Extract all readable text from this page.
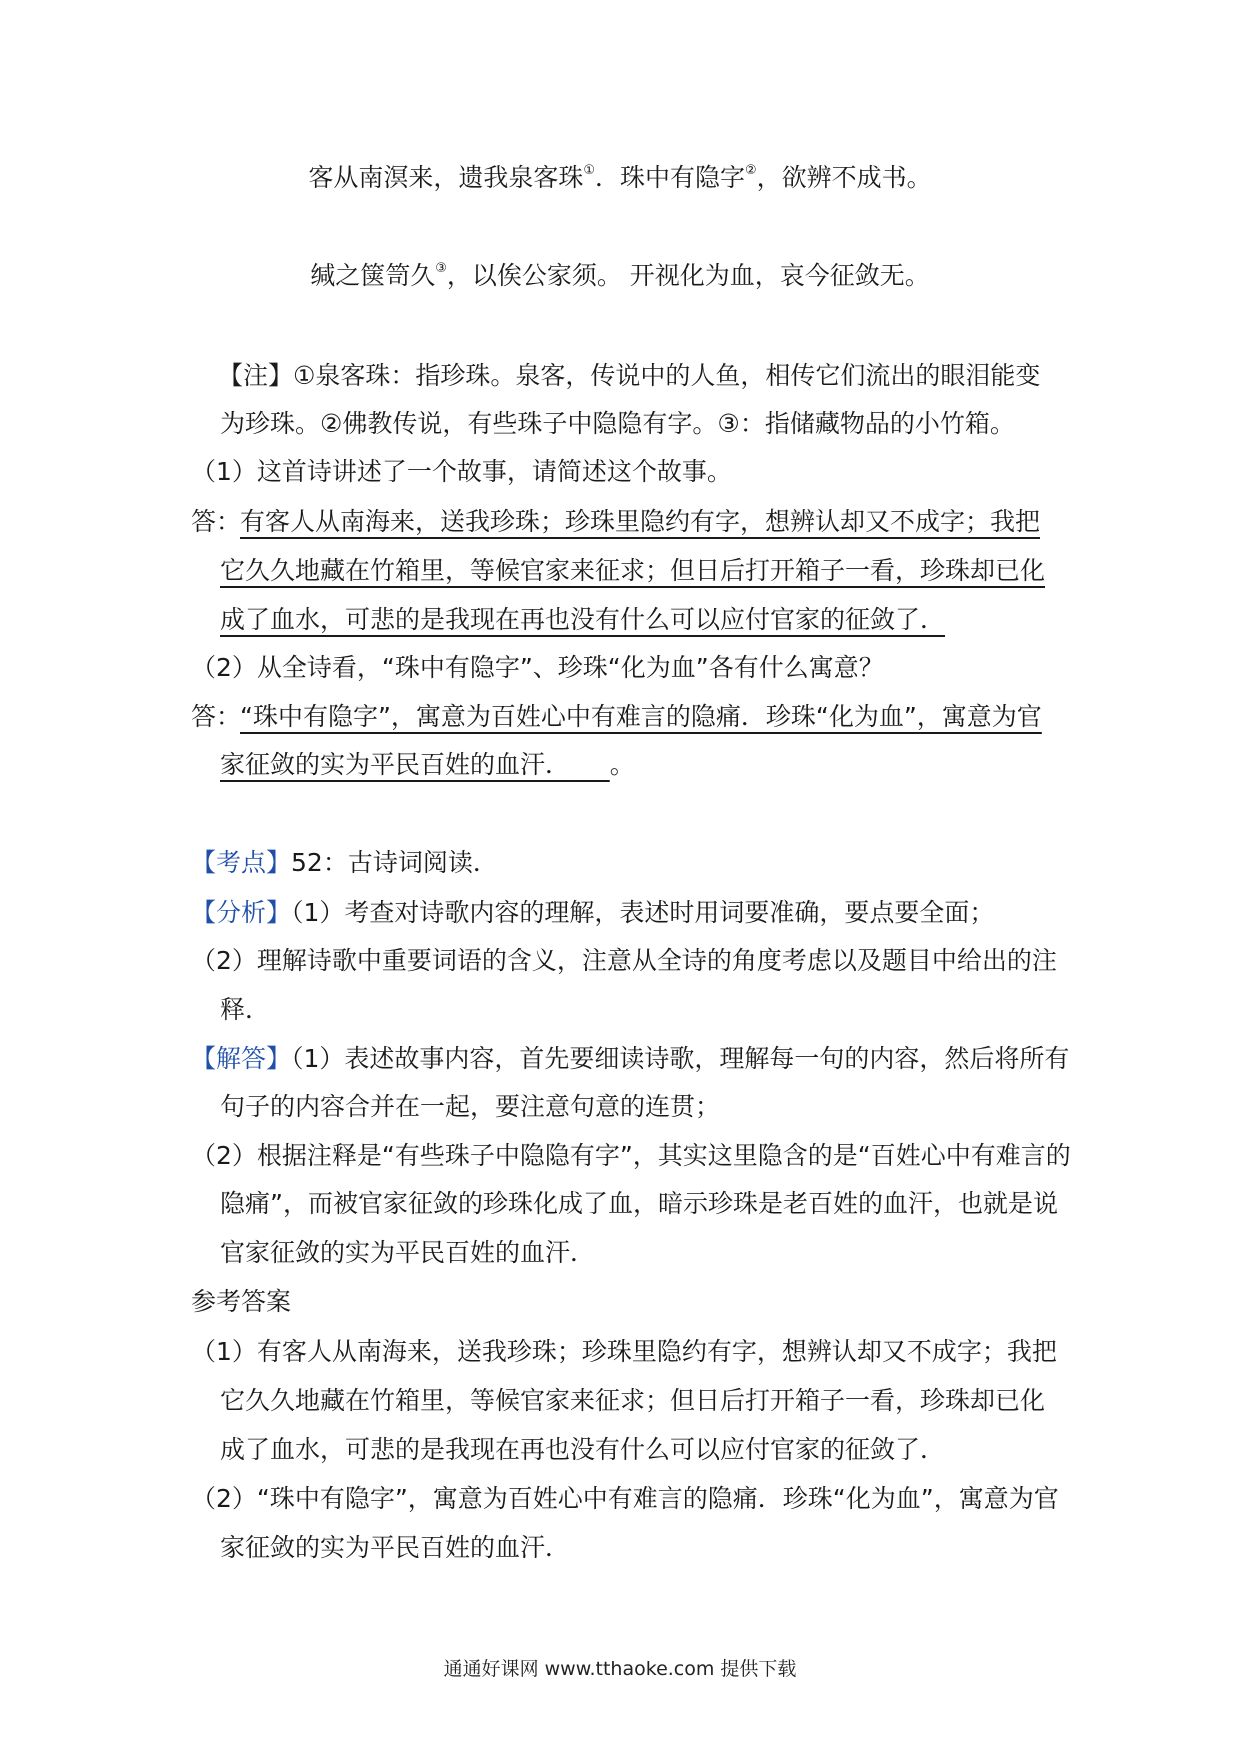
客从南溟来，遗我泉客珠①．珠中有隐字②，欲辨不成书。
缄之箧笥久③，以俟公家须。 开视化为血，哀今征敛无。
【注】①泉客珠：指珍珠。泉客，传说中的人鱼，相传它们流出的眼泪能变
为珍珠。②佛教传说，有些珠子中隐隐有字。③：指储藏物品的小竹箱。
（1）这首诗讲述了一个故事，请简述这个故事。
答：
有客人从南海来，送我珍珠；珍珠里隐约有字，想辨认却又不成字；我把
它久久地藏在竹箱里，等候官家来征求；但日后打开箱子一看，珍珠却已化
成了血水，可悲的是我现在再也没有什么可以应付官家的征敛了．
（2）从全诗看，“珠中有隐字”、珍珠“化为血”各有什么寓意？
答：
“珠中有隐字”，寓意为百姓心中有难言的隐痛．珍珠“化为血”，寓意为官
家征敛的实为平民百姓的血汗． 。
【考点】52：古诗词阅读．
【分析】（1）考查对诗歌内容的理解，表述时用词要准确，要点要全面；
（2）理解诗歌中重要词语的含义，注意从全诗的角度考虑以及题目中给出的注
释．
【解答】（1）表述故事内容，首先要细读诗歌，理解每一句的内容，然后将所有
句子的内容合并在一起，要注意句意的连贯；
（2）根据注释是“有些珠子中隐隐有字”，其实这里隐含的是“百姓心中有难言的
隐痛”，而被官家征敛的珍珠化成了血，暗示珍珠是老百姓的血汗，也就是说
官家征敛的实为平民百姓的血汗．
参考答案
（1）有客人从南海来，送我珍珠；珍珠里隐约有字，想辨认却又不成字；我把
它久久地藏在竹箱里，等候官家来征求；但日后打开箱子一看，珍珠却已化
成了血水，可悲的是我现在再也没有什么可以应付官家的征敛了．
（2）“珠中有隐字”，寓意为百姓心中有难言的隐痛．珍珠“化为血”，寓意为官
家征敛的实为平民百姓的血汗．
通通好课网 www.tthaoke.com 提供下载
